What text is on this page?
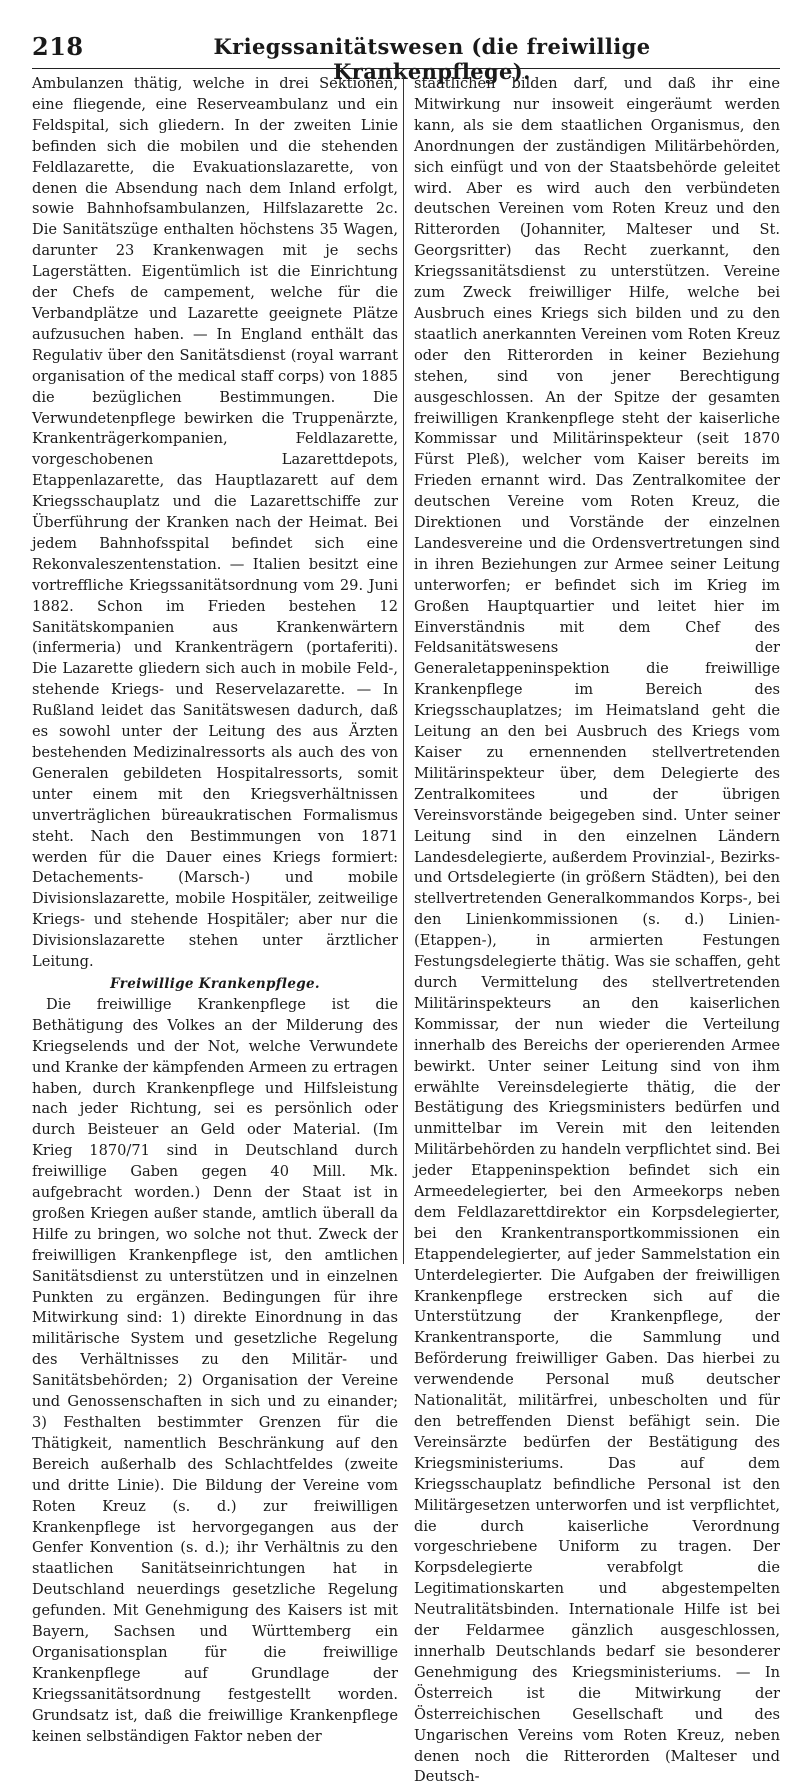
218	Kriegssanitätswesen (die freiwillige Krankenpflege).

Ambulanzen thätig, welche in drei Sektionen, eine fliegende, eine Reserveambulanz und ein Feldspital, sich gliedern. In der zweiten Linie befinden sich die mobilen und die stehenden Feldlazarette, die Evakuationslazarette, von denen die Absendung nach dem Inland erfolgt, sowie Bahnhofsambulanzen, Hilfslazarette 2c. Die Sanitätszüge enthalten höchstens 35 Wagen, darunter 23 Krankenwagen mit je sechs Lagerstätten. Eigentümlich ist die Einrichtung der Chefs de campement, welche für die Verbandplätze und Lazarette geeignete Plätze aufzusuchen haben. — In England enthält das Regulativ über den Sanitätsdienst (royal warrant organisation of the medical staff corps) von 1885 die bezüglichen Bestimmungen. Die Verwundetenpflege bewirken die Truppenärzte, Krankenträgerkompanien, Feldlazarette, vorgeschobenen Lazarettdepots, Etappenlazarette, das Hauptlazarett auf dem Kriegsschauplatz und die Lazarettschiffe zur Überführung der Kranken nach der Heimat. Bei jedem Bahnhofsspital befindet sich eine Rekonvaleszentenstation. — Italien besitzt eine vortreffliche Kriegssanitätsordnung vom 29. Juni 1882. Schon im Frieden bestehen 12 Sanitätskompanien aus Krankenwärtern (infermeria) und Krankenträgern (portaferiti). Die Lazarette gliedern sich auch in mobile Feld-, stehende Kriegs- und Reservelazarette. — In Rußland leidet das Sanitätswesen dadurch, daß es sowohl unter der Leitung des aus Ärzten bestehenden Medizinalressorts als auch des von Generalen gebildeten Hospitalressorts, somit unter einem mit den Kriegsverhältnissen unverträglichen büreaukratischen Formalismus steht. Nach den Bestimmungen von 1871 werden für die Dauer eines Kriegs formiert: Detachements- (Marsch-) und mobile Divisionslazarette, mobile Hospitäler, zeitweilige Kriegs- und stehende Hospitäler; aber nur die Divisionslazarette stehen unter ärztlicher Leitung.

Freiwillige Krankenpflege.

Die freiwillige Krankenpflege ist die Bethätigung des Volkes an der Milderung des Kriegselends und der Not, welche Verwundete und Kranke der kämpfenden Armeen zu ertragen haben, durch Krankenpflege und Hilfsleistung nach jeder Richtung, sei es persönlich oder durch Beisteuer an Geld oder Material. (Im Krieg 1870/71 sind in Deutschland durch freiwillige Gaben gegen 40 Mill. Mk. aufgebracht worden.) Denn der Staat ist in großen Kriegen außer stande, amtlich überall da Hilfe zu bringen, wo solche not thut. Zweck der freiwilligen Krankenpflege ist, den amtlichen Sanitätsdienst zu unterstützen und in einzelnen Punkten zu ergänzen. Bedingungen für ihre Mitwirkung sind: 1) direkte Einordnung in das militärische System und gesetzliche Regelung des Verhältnisses zu den Militär- und Sanitätsbehörden; 2) Organisation der Vereine und Genossenschaften in sich und zu einander; 3) Festhalten bestimmter Grenzen für die Thätigkeit, namentlich Beschränkung auf den Bereich außerhalb des Schlachtfeldes (zweite und dritte Linie). Die Bildung der Vereine vom Roten Kreuz (s. d.) zur freiwilligen Krankenpflege ist hervorgegangen aus der Genfer Konvention (s. d.); ihr Verhältnis zu den staatlichen Sanitätseinrichtungen hat in Deutschland neuerdings gesetzliche Regelung gefunden. Mit Genehmigung des Kaisers ist mit Bayern, Sachsen und Württemberg ein Organisationsplan für die freiwillige Krankenpflege auf Grundlage der Kriegssanitätsordnung festgestellt worden. Grundsatz ist, daß die freiwillige Krankenpflege keinen selbständigen Faktor neben der

staatlichen bilden darf, und daß ihr eine Mitwirkung nur insoweit eingeräumt werden kann, als sie dem staatlichen Organismus, den Anordnungen der zuständigen Militärbehörden, sich einfügt und von der Staatsbehörde geleitet wird. Aber es wird auch den verbündeten deutschen Vereinen vom Roten Kreuz und den Ritterorden (Johanniter, Malteser und St. Georgsritter) das Recht zuerkannt, den Kriegssanitätsdienst zu unterstützen. Vereine zum Zweck freiwilliger Hilfe, welche bei Ausbruch eines Kriegs sich bilden und zu den staatlich anerkannten Vereinen vom Roten Kreuz oder den Ritterorden in keiner Beziehung stehen, sind von jener Berechtigung ausgeschlossen. An der Spitze der gesamten freiwilligen Krankenpflege steht der kaiserliche Kommissar und Militärinspekteur (seit 1870 Fürst Pleß), welcher vom Kaiser bereits im Frieden ernannt wird. Das Zentralkomitee der deutschen Vereine vom Roten Kreuz, die Direktionen und Vorstände der einzelnen Landesvereine und die Ordensvertretungen sind in ihren Beziehungen zur Armee seiner Leitung unterworfen; er befindet sich im Krieg im Großen Hauptquartier und leitet hier im Einverständnis mit dem Chef des Feldsanitätswesens der Generaletappeninspektion die freiwillige Krankenpflege im Bereich des Kriegsschauplatzes; im Heimatsland geht die Leitung an den bei Ausbruch des Kriegs vom Kaiser zu ernennenden stellvertretenden Militärinspekteur über, dem Delegierte des Zentralkomitees und der übrigen Vereinsvorstände beigegeben sind. Unter seiner Leitung sind in den einzelnen Ländern Landesdelegierte, außerdem Provinzial-, Bezirks- und Ortsdelegierte (in größern Städten), bei den stellvertretenden Generalkommandos Korps-, bei den Linienkommissionen (s. d.) Linien- (Etappen-), in armierten Festungen Festungsdelegierte thätig. Was sie schaffen, geht durch Vermittelung des stellvertretenden Militärinspekteurs an den kaiserlichen Kommissar, der nun wieder die Verteilung innerhalb des Bereichs der operierenden Armee bewirkt. Unter seiner Leitung sind von ihm erwählte Vereinsdelegierte thätig, die der Bestätigung des Kriegsministers bedürfen und unmittelbar im Verein mit den leitenden Militärbehörden zu handeln verpflichtet sind. Bei jeder Etappeninspektion befindet sich ein Armeedelegierter, bei den Armeekorps neben dem Feldlazarettdirektor ein Korpsdelegierter, bei den Krankentransportkommissionen ein Etappendelegierter, auf jeder Sammelstation ein Unterdelegierter. Die Aufgaben der freiwilligen Krankenpflege erstrecken sich auf die Unterstützung der Krankenpflege, der Krankentransporte, die Sammlung und Beförderung freiwilliger Gaben. Das hierbei zu verwendende Personal muß deutscher Nationalität, militärfrei, unbescholten und für den betreffenden Dienst befähigt sein. Die Vereinsärzte bedürfen der Bestätigung des Kriegsministeriums. Das auf dem Kriegsschauplatz befindliche Personal ist den Militärgesetzen unterworfen und ist verpflichtet, die durch kaiserliche Verordnung vorgeschriebene Uniform zu tragen. Der Korpsdelegierte verabfolgt die Legitimationskarten und abgestempelten Neutralitätsbinden. Internationale Hilfe ist bei der Feldarmee gänzlich ausgeschlossen, innerhalb Deutschlands bedarf sie besonderer Genehmigung des Kriegsministeriums. — In Österreich ist die Mitwirkung der Österreichischen Gesellschaft und des Ungarischen Vereins vom Roten Kreuz, neben denen noch die Ritterorden (Malteser und Deutsch-
